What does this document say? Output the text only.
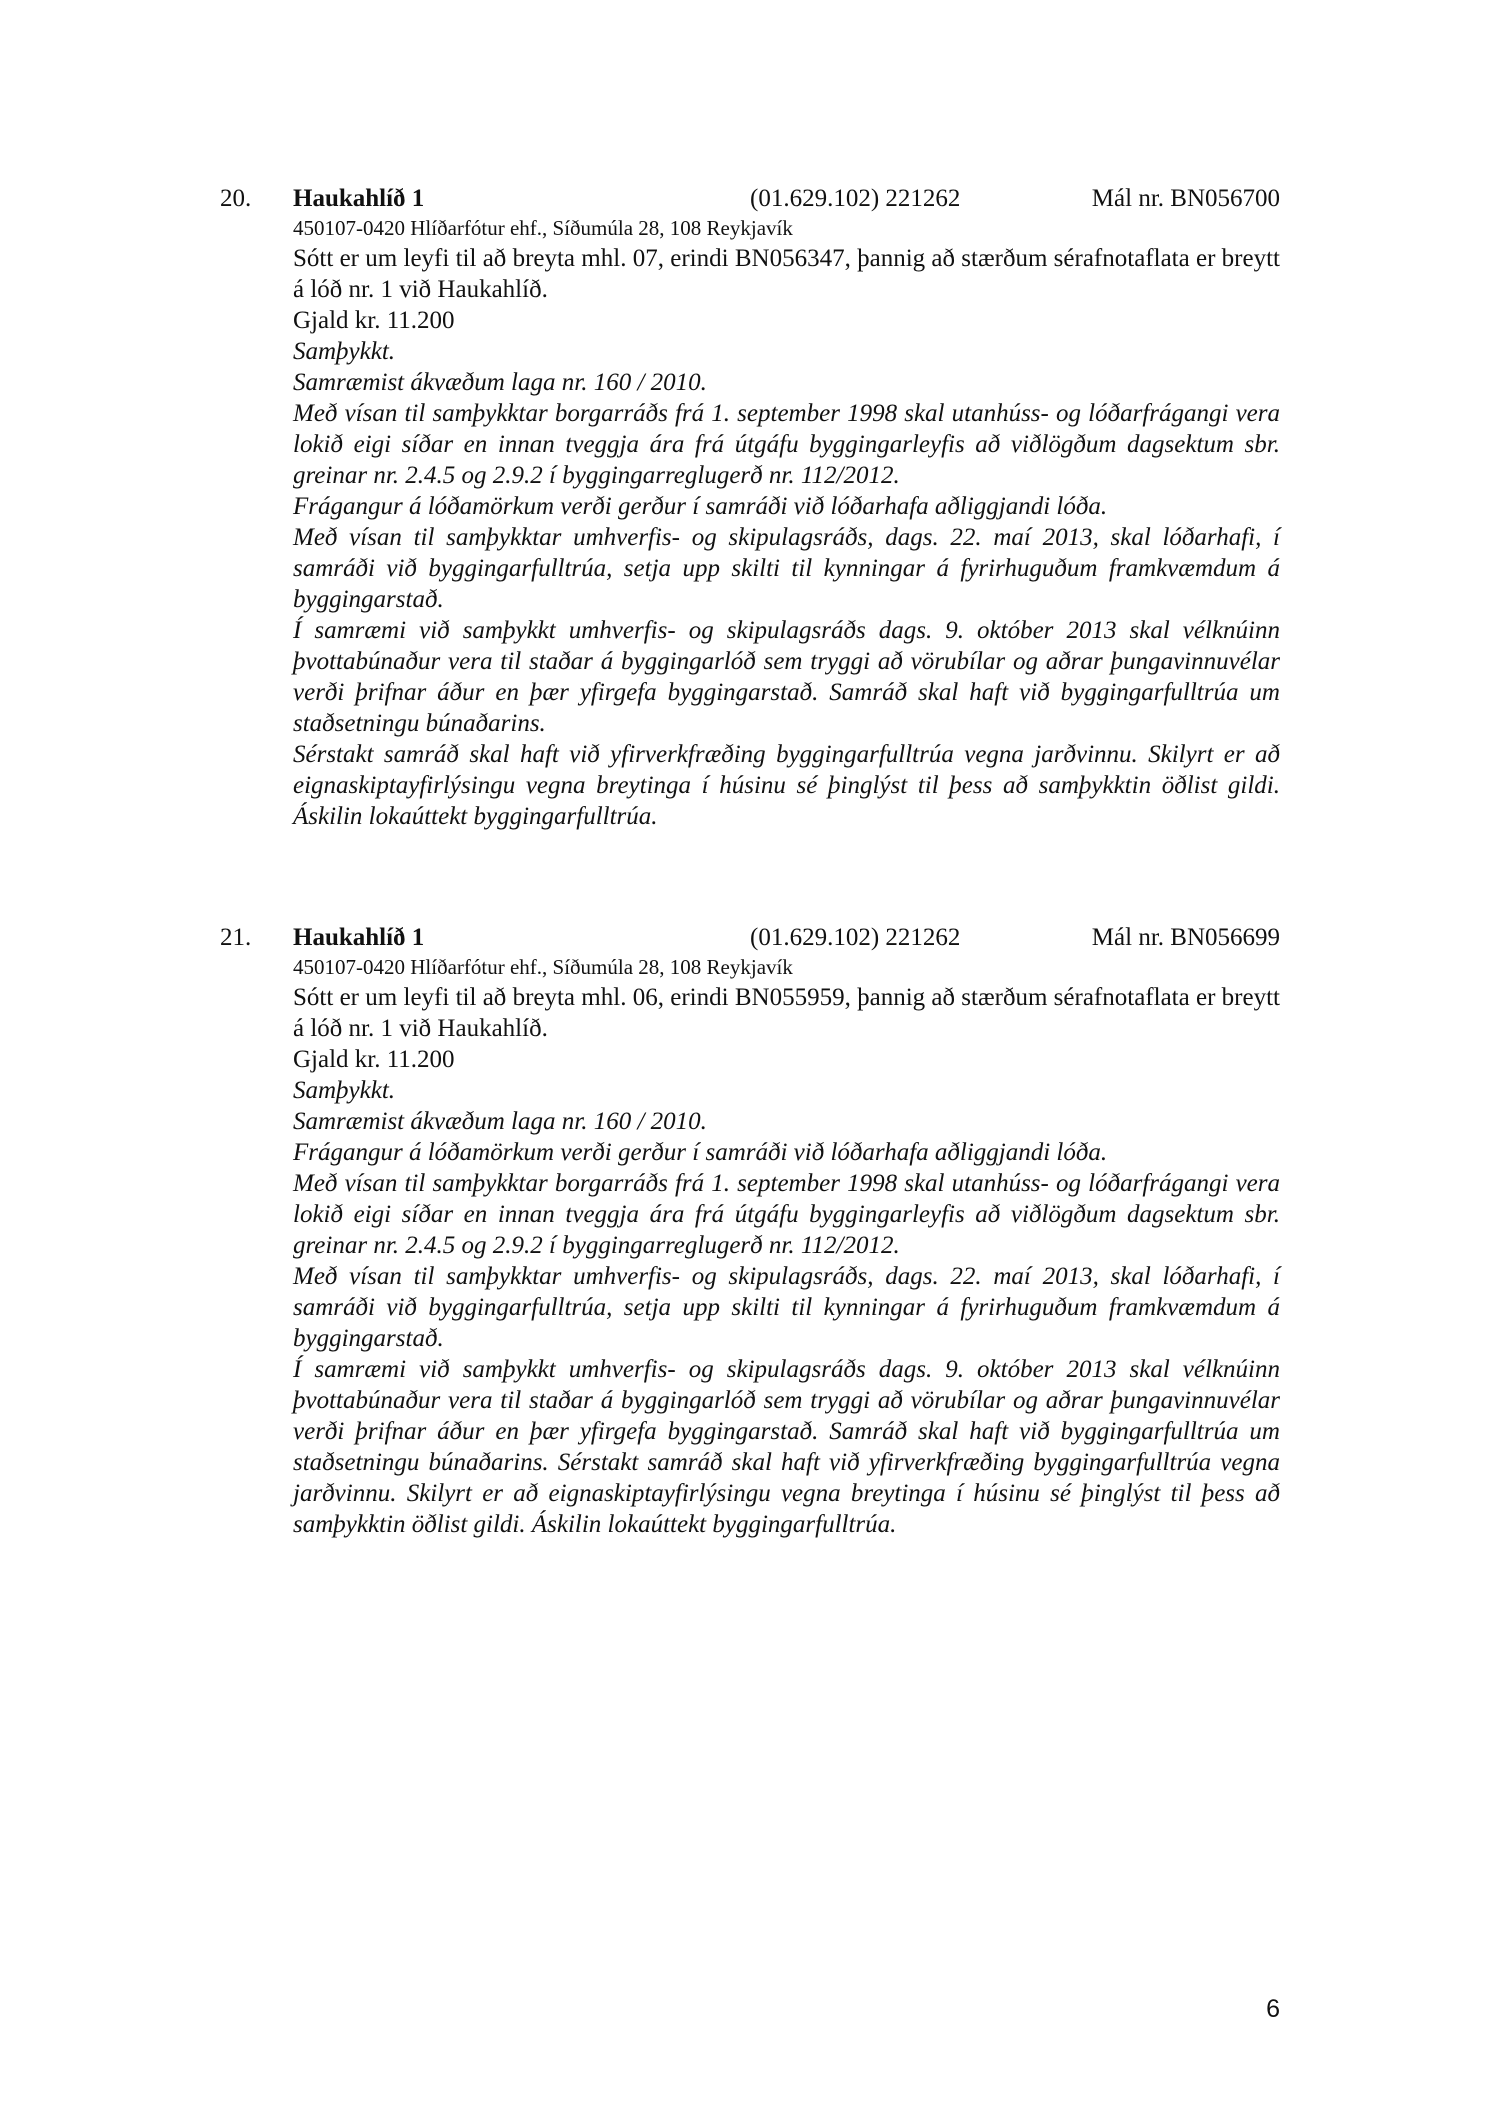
20. Haukahlíð 1	(01.629.102) 221262	Mál nr. BN056700
450107-0420 Hlíðarfótur ehf., Síðumúla 28, 108 Reykjavík

Sótt er um leyfi til að breyta mhl. 07, erindi BN056347, þannig að stærðum sérafnotaflata er breytt á lóð nr. 1 við Haukahlíð.

Gjald kr. 11.200

Samþykkt.

Samræmist ákvæðum laga nr. 160 / 2010.

Með vísan til samþykktar borgarráðs frá 1. september 1998 skal utanhúss- og lóðarfrágangi vera lokið eigi síðar en innan tveggja ára frá útgáfu byggingarleyfis að viðlögðum dagsektum sbr. greinar nr. 2.4.5 og 2.9.2 í byggingarreglugerð nr. 112/2012.

Frágangur á lóðamörkum verði gerður í samráði við lóðarhafa aðliggjandi lóða.

Með vísan til samþykktar umhverfis- og skipulagsráðs, dags. 22. maí 2013, skal lóðarhafi, í samráði við byggingarfulltrúa, setja upp skilti til kynningar á fyrirhuguðum framkvæmdum á byggingarstað.

Í samræmi við samþykkt umhverfis- og skipulagsráðs dags. 9. október 2013 skal vélknúinn þvottabúnaður vera til staðar á byggingarlóð sem tryggi að vörubílar og aðrar þungavinnuvélar verði þrifnar áður en þær yfirgefa byggingarstað. Samráð skal haft við byggingarfulltrúa um staðsetningu búnaðarins.

Sérstakt samráð skal haft við yfirverkfræðing byggingarfulltrúa vegna jarðvinnu. Skilyrt er að eignaskiptayfirlýsingu vegna breytinga í húsinu sé þinglýst til þess að samþykktin öðlist gildi. Áskilin lokaúttekt byggingarfulltrúa.

21. Haukahlíð 1	(01.629.102) 221262	Mál nr. BN056699
450107-0420 Hlíðarfótur ehf., Síðumúla 28, 108 Reykjavík

Sótt er um leyfi til að breyta mhl. 06, erindi BN055959, þannig að stærðum sérafnotaflata er breytt á lóð nr. 1 við Haukahlíð.

Gjald kr. 11.200

Samþykkt.

Samræmist ákvæðum laga nr. 160 / 2010.

Frágangur á lóðamörkum verði gerður í samráði við lóðarhafa aðliggjandi lóða.

Með vísan til samþykktar borgarráðs frá 1. september 1998 skal utanhúss- og lóðarfrágangi vera lokið eigi síðar en innan tveggja ára frá útgáfu byggingarleyfis að viðlögðum dagsektum sbr. greinar nr. 2.4.5 og 2.9.2 í byggingarreglugerð nr. 112/2012.

Með vísan til samþykktar umhverfis- og skipulagsráðs, dags. 22. maí 2013, skal lóðarhafi, í samráði við byggingarfulltrúa, setja upp skilti til kynningar á fyrirhuguðum framkvæmdum á byggingarstað.

Í samræmi við samþykkt umhverfis- og skipulagsráðs dags. 9. október 2013 skal vélknúinn þvottabúnaður vera til staðar á byggingarlóð sem tryggi að vörubílar og aðrar þungavinnuvélar verði þrifnar áður en þær yfirgefa byggingarstað. Samráð skal haft við byggingarfulltrúa um staðsetningu búnaðarins. Sérstakt samráð skal haft við yfirverkfræðing byggingarfulltrúa vegna jarðvinnu. Skilyrt er að eignaskiptayfirlýsingu vegna breytinga í húsinu sé þinglýst til þess að samþykktin öðlist gildi. Áskilin lokaúttekt byggingarfulltrúa.

6
